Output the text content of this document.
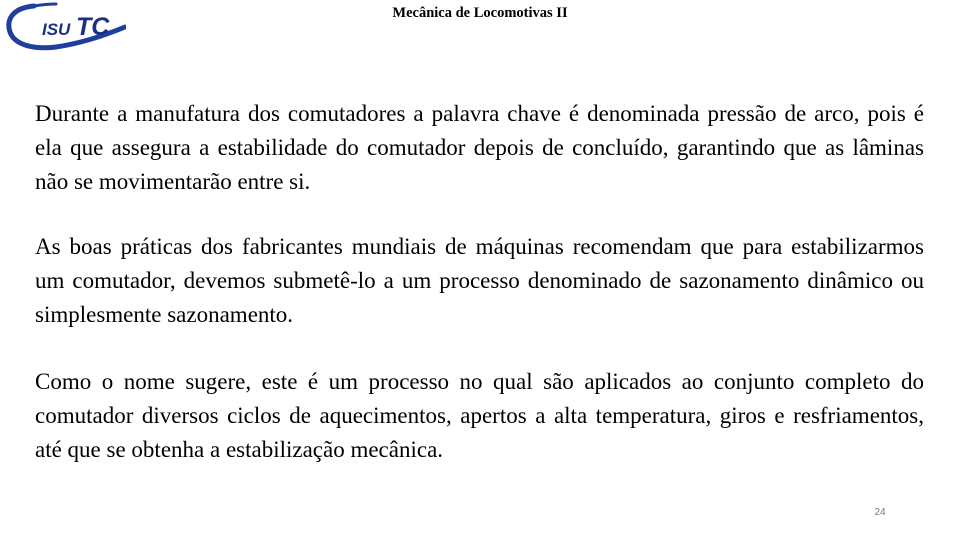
ISU TC	Mecânica de Locomotivas II

Durante a manufatura dos comutadores a palavra chave é denominada pressão de arco, pois é ela que assegura a estabilidade do comutador depois de concluído, garantindo que as lâminas não se movimentarão entre si.

As boas práticas dos fabricantes mundiais de máquinas recomendam que para estabilizarmos um comutador, devemos submetê-lo a um processo denominado de sazonamento dinâmico ou simplesmente sazonamento.

Como o nome sugere, este é um processo no qual são aplicados ao conjunto completo do comutador diversos ciclos de aquecimentos, apertos a alta temperatura, giros e resfriamentos, até que se obtenha a estabilização mecânica.

24
